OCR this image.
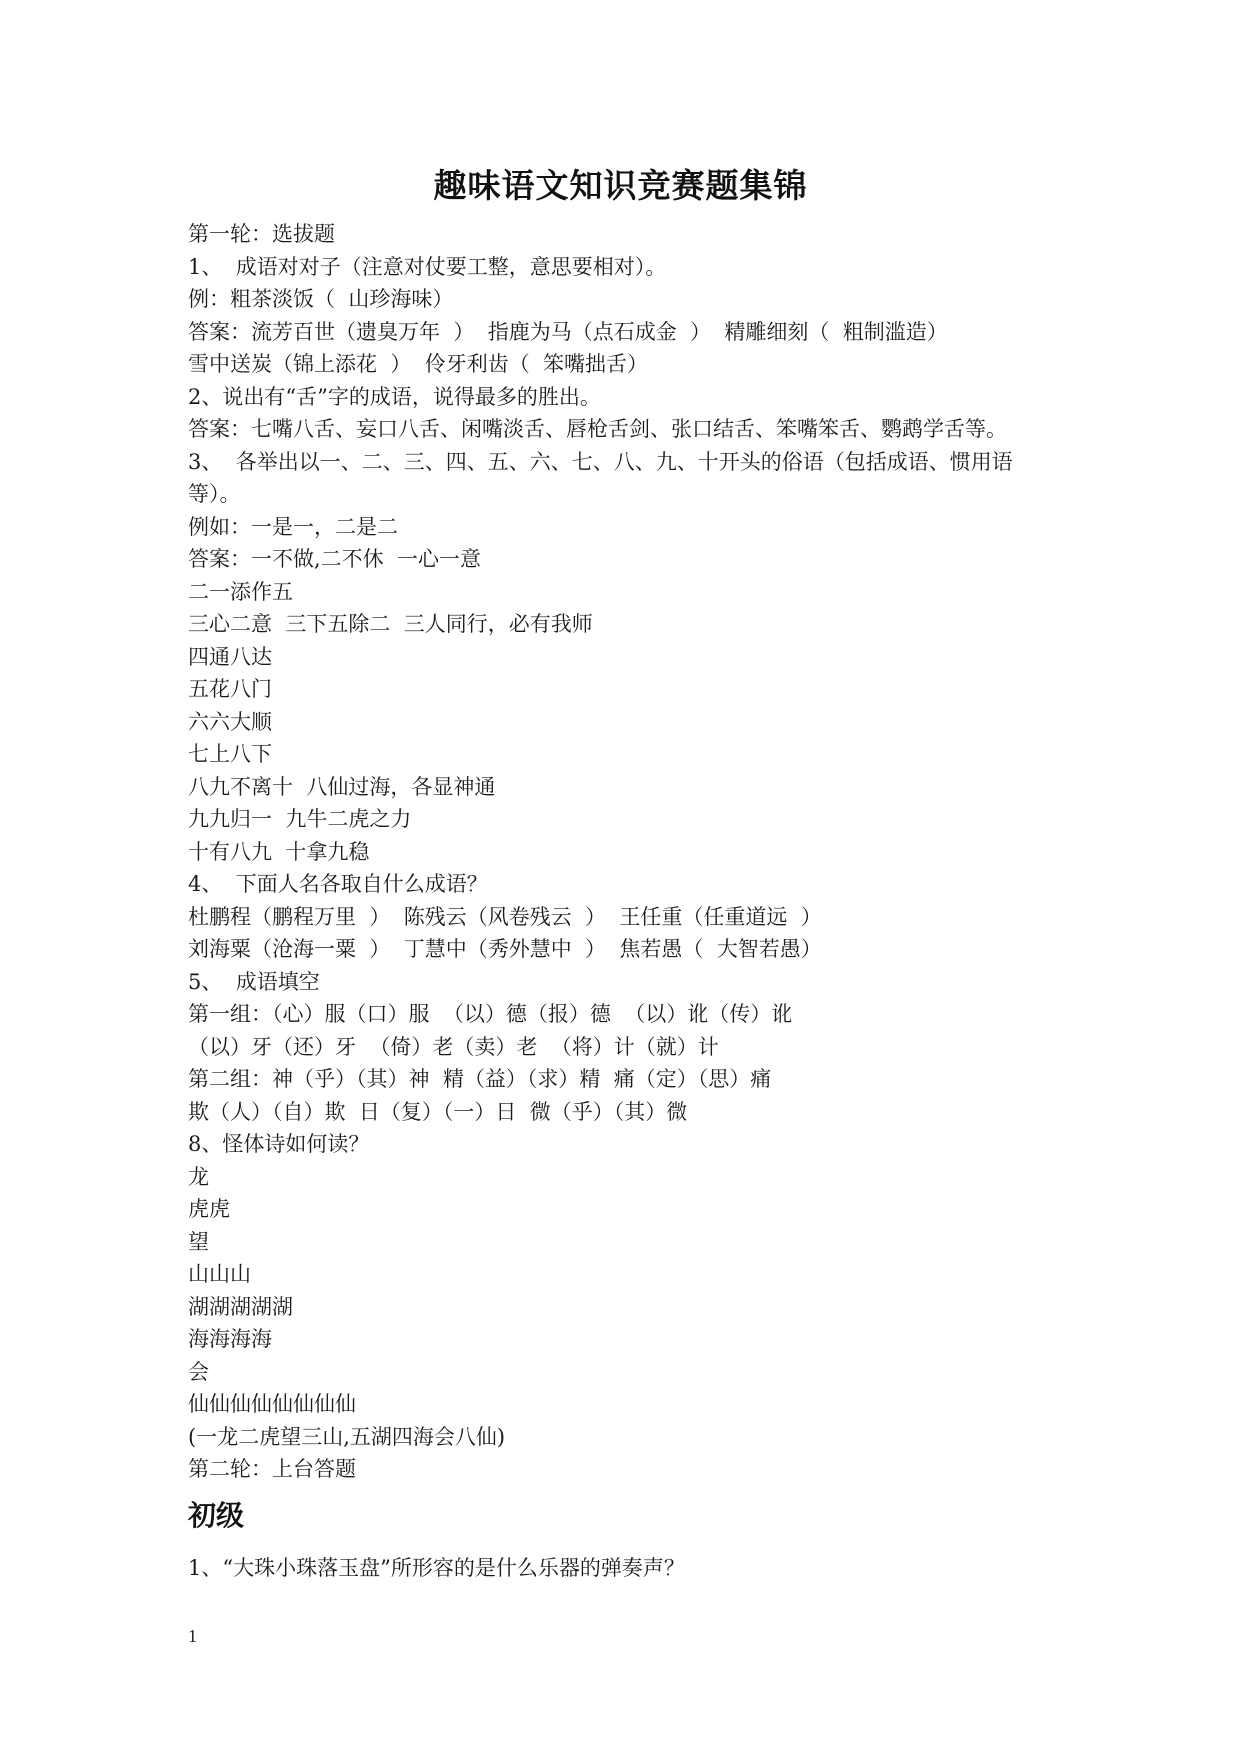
趣味语文知识竞赛题集锦
第一轮：选拔题
1、  成语对对子（注意对仗要工整，意思要相对）。
例：粗茶淡饭（  山珍海味）
答案：流芳百世（遗臭万年  ）  指鹿为马（点石成金  ）  精雕细刻（  粗制滥造）
雪中送炭（锦上添花  ）  伶牙利齿（  笨嘴拙舌）
2、说出有“舌”字的成语，说得最多的胜出。
答案：七嘴八舌、妄口八舌、闲嘴淡舌、唇枪舌剑、张口结舌、笨嘴笨舌、鹦鹉学舌等。
3、  各举出以一、二、三、四、五、六、七、八、九、十开头的俗语（包括成语、惯用语
等）。
例如：一是一，二是二
答案：一不做,二不休  一心一意
二一添作五
三心二意  三下五除二  三人同行，必有我师
四通八达
五花八门
六六大顺
七上八下
八九不离十  八仙过海，各显神通
九九归一  九牛二虎之力
十有八九  十拿九稳
4、  下面人名各取自什么成语？
杜鹏程（鹏程万里  ）  陈残云（风卷残云  ）  王任重（任重道远  ）
刘海粟（沧海一粟  ）  丁慧中（秀外慧中  ）  焦若愚（  大智若愚）
5、  成语填空
第一组：（心）服（口）服  （以）德（报）德  （以）讹（传）讹
（以）牙（还）牙  （倚）老（卖）老  （将）计（就）计
第二组：神（乎）（其）神  精（益）（求）精  痛（定）（思）痛
欺（人）（自）欺  日（复）（一）日  微（乎）（其）微
8、怪体诗如何读？
龙
虎虎
望
山山山
湖湖湖湖湖
海海海海
会
仙仙仙仙仙仙仙仙
(一龙二虎望三山,五湖四海会八仙)
第二轮：上台答题
初级
1、“大珠小珠落玉盘”所形容的是什么乐器的弹奏声？
1
